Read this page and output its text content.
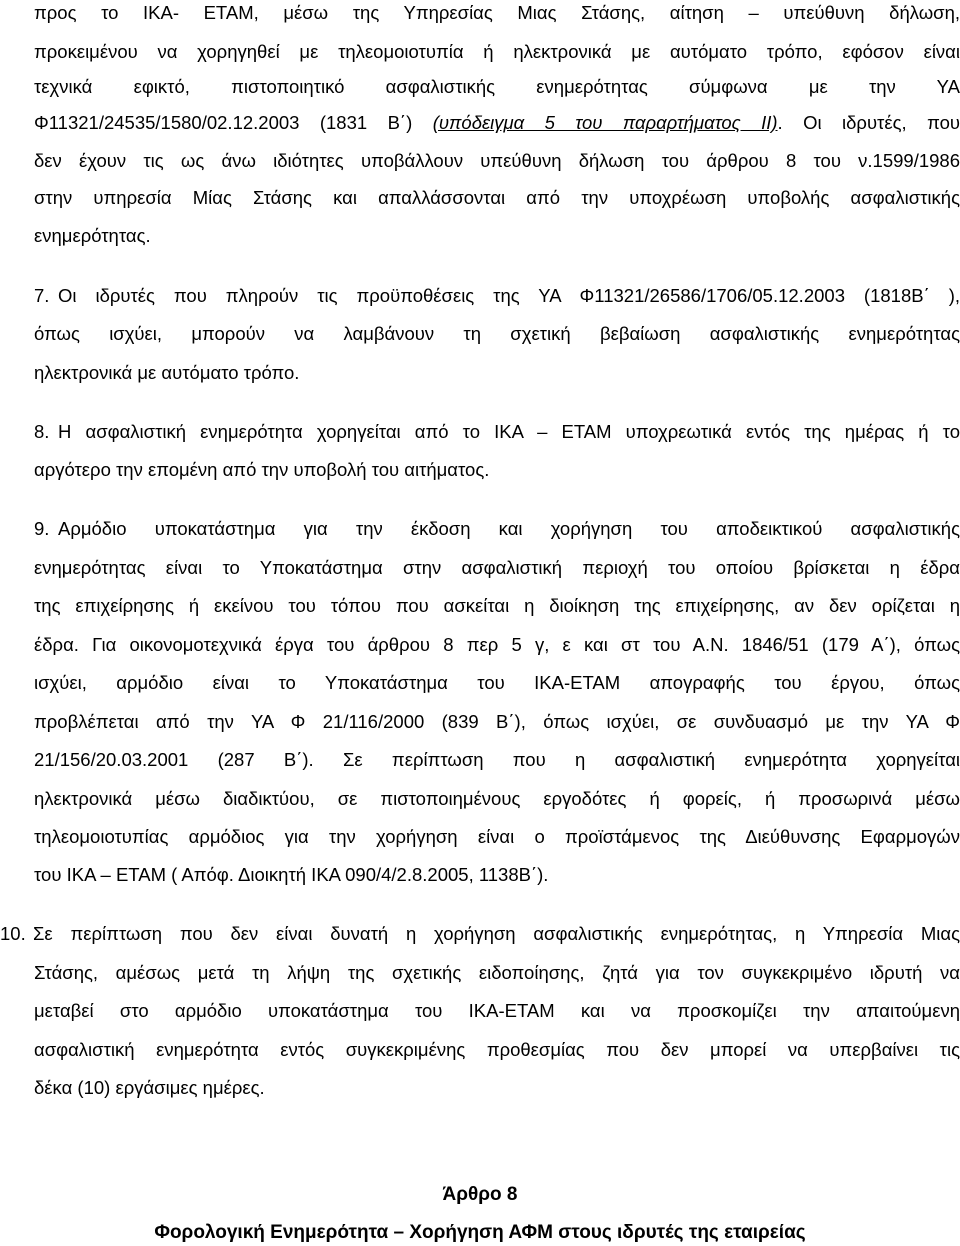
προς το ΙΚΑ- ΕΤΑΜ, μέσω της Υπηρεσίας Μιας Στάσης, αίτηση – υπεύθυνη δήλωση,
προκειμένου να χορηγηθεί με τηλεομοιοτυπία ή ηλεκτρονικά με αυτόματο τρόπο, εφόσον είναι
τεχνικά εφικτό, πιστοποιητικό ασφαλιστικής ενημερότητας σύμφωνα με την ΥΑ
Φ11321/24535/1580/02.12.2003 (1831 Β΄) (υπόδειγμα 5 του παραρτήματος ΙΙ). Οι ιδρυτές, που
δεν έχουν τις ως άνω ιδιότητες υποβάλλουν υπεύθυνη δήλωση του άρθρου 8 του ν.1599/1986
στην υπηρεσία Μίας Στάσης και απαλλάσσονται από την υποχρέωση υποβολής ασφαλιστικής
ενημερότητας.
7. Οι ιδρυτές που πληρούν τις προϋποθέσεις της ΥΑ Φ11321/26586/1706/05.12.2003 (1818Β΄ ),
όπως ισχύει, μπορούν να λαμβάνουν τη σχετική βεβαίωση ασφαλιστικής ενημερότητας
ηλεκτρονικά με αυτόματο τρόπο.
8. Η ασφαλιστική ενημερότητα χορηγείται από το ΙΚΑ – ΕΤΑΜ υποχρεωτικά εντός της ημέρας ή το
αργότερο την επομένη από την υποβολή του αιτήματος.
9. Αρμόδιο υποκατάστημα για την έκδοση και χορήγηση του αποδεικτικού ασφαλιστικής
ενημερότητας είναι το Υποκατάστημα στην ασφαλιστική περιοχή του οποίου βρίσκεται η έδρα
της επιχείρησης ή εκείνου του τόπου που ασκείται η διοίκηση της επιχείρησης, αν δεν ορίζεται η
έδρα. Για οικονομοτεχνικά έργα του άρθρου 8 περ 5 γ, ε και στ του Α.Ν. 1846/51 (179 Α΄), όπως
ισχύει, αρμόδιο είναι το Υποκατάστημα του ΙΚΑ-ΕΤΑΜ απογραφής του έργου, όπως
προβλέπεται από την ΥΑ Φ 21/116/2000 (839 Β΄), όπως ισχύει, σε συνδυασμό με την ΥΑ Φ
21/156/20.03.2001 (287 Β΄). Σε περίπτωση που η ασφαλιστική ενημερότητα χορηγείται
ηλεκτρονικά μέσω διαδικτύου, σε πιστοποιημένους εργοδότες ή φορείς, ή προσωρινά μέσω
τηλεομοιοτυπίας αρμόδιος για την χορήγηση είναι ο προϊστάμενος της Διεύθυνσης Εφαρμογών
του ΙΚΑ – ΕΤΑΜ ( Απόφ. Διοικητή ΙΚΑ 090/4/2.8.2005, 1138Β΄).
10. Σε περίπτωση που δεν είναι δυνατή η χορήγηση ασφαλιστικής ενημερότητας, η Υπηρεσία Μιας
Στάσης, αμέσως μετά τη λήψη της σχετικής ειδοποίησης, ζητά για τον συγκεκριμένο ιδρυτή να
μεταβεί στο αρμόδιο υποκατάστημα του ΙΚΑ-ΕΤΑΜ και να προσκομίζει την απαιτούμενη
ασφαλιστική ενημερότητα εντός συγκεκριμένης προθεσμίας που δεν μπορεί να υπερβαίνει τις
δέκα (10) εργάσιμες ημέρες.
Άρθρο 8
Φορολογική Ενημερότητα – Χορήγηση ΑΦΜ στους ιδρυτές της εταιρείας
